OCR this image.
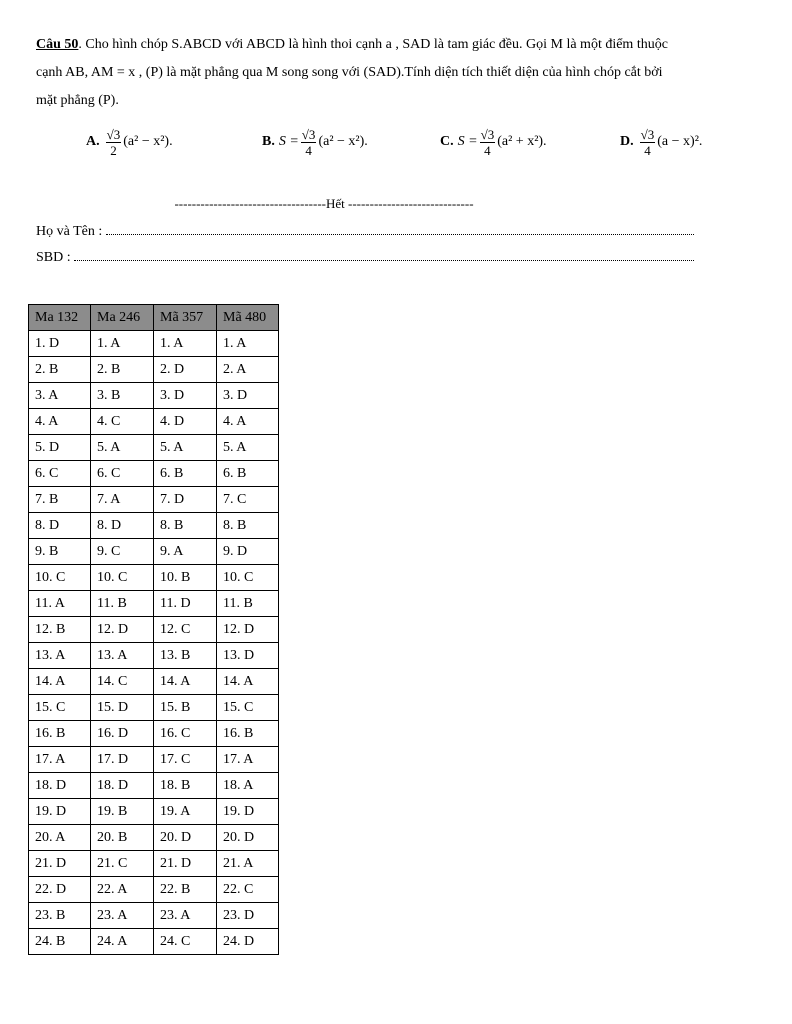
Câu 50. Cho hình chóp S.ABCD với ABCD là hình thoi cạnh a , SAD là tam giác đều. Gọi M là một điểm thuộc
cạnh AB, AM = x , (P) là mặt phẳng qua M song song với (SAD).Tính diện tích thiết diện của hình chóp cắt bởi
mặt phẳng (P).
A. $\frac{√3}{2} (a^2 - x^2)$.	B. $S = \frac{√3}{4} (a^2 - x^2)$.	C. $S = \frac{√3}{4} (a^2 + x^2)$.	D. $\frac{√3}{4} (a - x)^2$.
-----------------------------------Hết -----------------------------
Họ và Tên :
SBD :
Ma 132	Ma 246	Mã 357	Mã 480
1. D	1. A	1. A	1. A
2. B	2. B	2. D	2. A
3. A	3. B	3. D	3. D
4. A	4. C	4. D	4. A
5. D	5. A	5. A	5. A
6. C	6. C	6. B	6. B
7. B	7. A	7. D	7. C
8. D	8. D	8. B	8. B
9. B	9. C	9. A	9. D
10. C	10. C	10. B	10. C
11. A	11. B	11. D	11. B
12. B	12. D	12. C	12. D
13. A	13. A	13. B	13. D
14. A	14. C	14. A	14. A
15. C	15. D	15. B	15. C
16. B	16. D	16. C	16. B
17. A	17. D	17. C	17. A
18. D	18. D	18. B	18. A
19. D	19. B	19. A	19. D
20. A	20. B	20. D	20. D
21. D	21. C	21. D	21. A
22. D	22. A	22. B	22. C
23. B	23. A	23. A	23. D
24. B	24. A	24. C	24. D
